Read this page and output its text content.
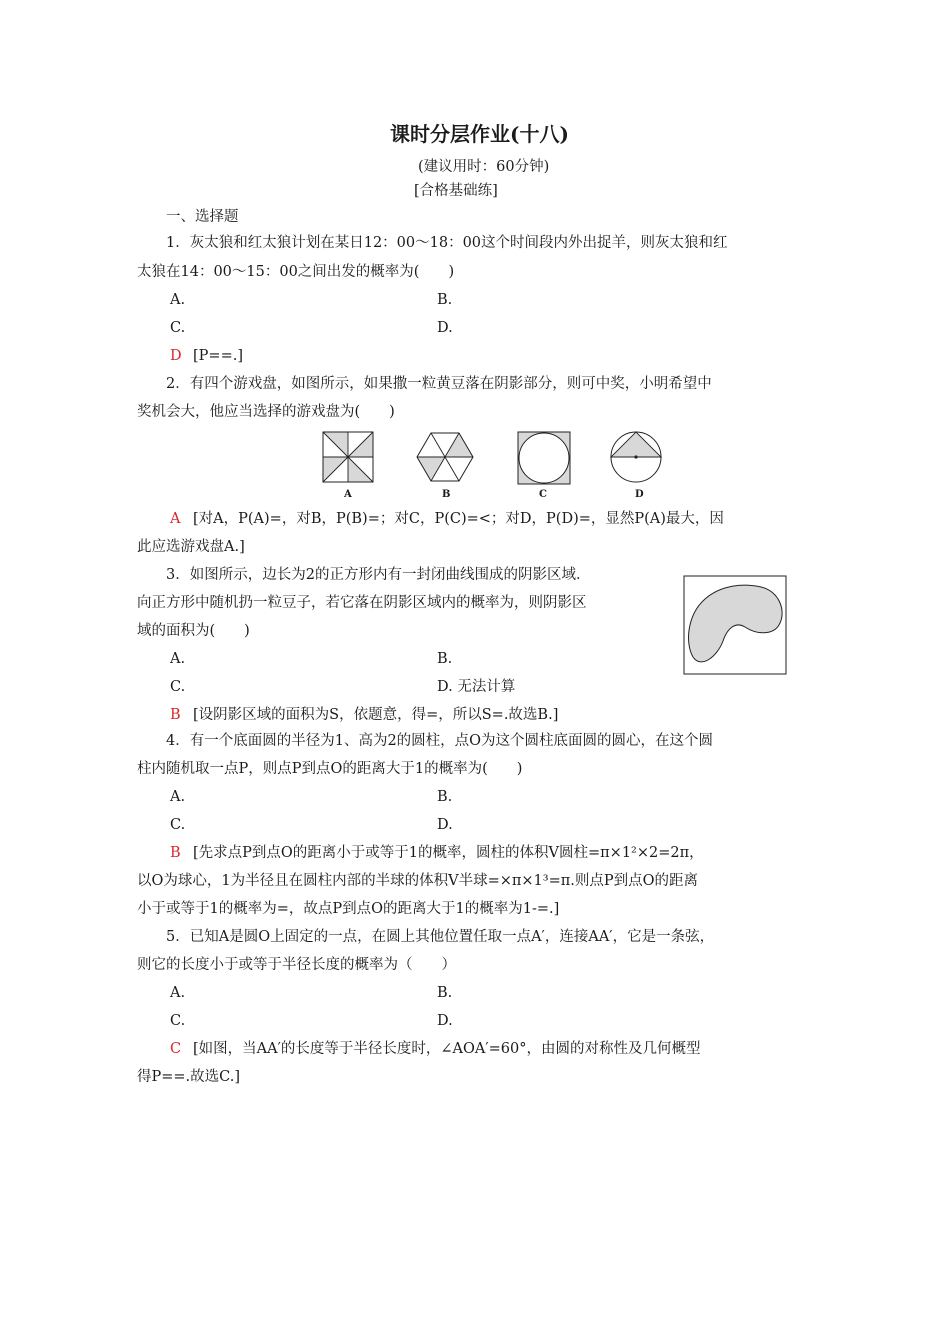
课时分层作业(十八)
(建议用时：60分钟)
[合格基础练]
一、选择题
1．灰太狼和红太狼计划在某日12：00～18：00这个时间段内外出捉羊，则灰太狼和红
太狼在14：00～15：00之间出发的概率为(　　)
A.	B.
C.	D.
D [P==.]
2．有四个游戏盘，如图所示，如果撒一粒黄豆落在阴影部分，则可中奖，小明希望中
奖机会大，他应当选择的游戏盘为(　　)
A	B	C	D
A [对A，P(A)=，对B，P(B)=；对C，P(C)=<；对D，P(D)=，显然P(A)最大，因
此应选游戏盘A.]
3．如图所示，边长为2的正方形内有一封闭曲线围成的阴影区域．
向正方形中随机扔一粒豆子，若它落在阴影区域内的概率为，则阴影区
域的面积为(　　)
A.	B.
C.	D. 无法计算
B [设阴影区域的面积为S，依题意，得=，所以S=.故选B.]
4．有一个底面圆的半径为1、高为2的圆柱，点O为这个圆柱底面圆的圆心，在这个圆
柱内随机取一点P，则点P到点O的距离大于1的概率为(　　)
A.	B.
C.	D.
B [先求点P到点O的距离小于或等于1的概率，圆柱的体积V圆柱=π×1²×2=2π，
以O为球心，1为半径且在圆柱内部的半球的体积V半球=×π×1³=π.则点P到点O的距离
小于或等于1的概率为=，故点P到点O的距离大于1的概率为1-=.]
5．已知A是圆O上固定的一点，在圆上其他位置任取一点A′，连接AA′，它是一条弦，
则它的长度小于或等于半径长度的概率为（　　）
A.	B.
C.	D.
C [如图，当AA′的长度等于半径长度时，∠AOA′=60°，由圆的对称性及几何概型
得P==.故选C.]
